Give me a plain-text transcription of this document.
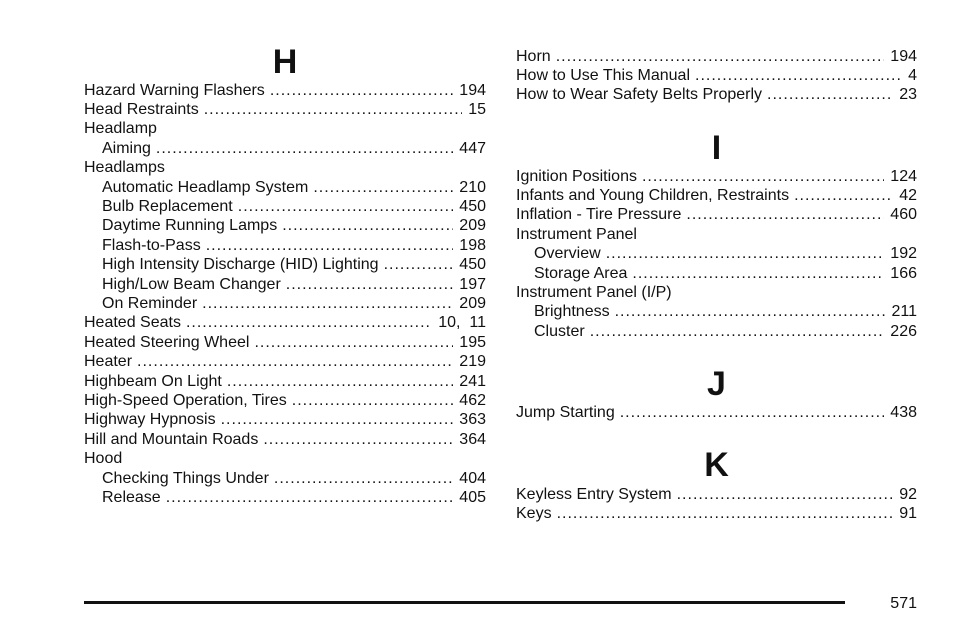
H
Hazard Warning Flashers .....	194
Head Restraints .....	15
Headlamp
Aiming .....	447
Headlamps
Automatic Headlamp System .....	210
Bulb Replacement .....	450
Daytime Running Lamps .....	209
Flash-to-Pass .....	198
High Intensity Discharge (HID) Lighting .....	450
High/Low Beam Changer .....	197
On Reminder .....	209
Heated Seats .....	10,  11
Heated Steering Wheel .....	195
Heater .....	219
Highbeam On Light .....	241
High-Speed Operation, Tires .....	462
Highway Hypnosis .....	363
Hill and Mountain Roads .....	364
Hood
Checking Things Under .....	404
Release .....	405
Horn .....	194
How to Use This Manual .....	4
How to Wear Safety Belts Properly .....	23
I
Ignition Positions .....	124
Infants and Young Children, Restraints .....	42
Inflation - Tire Pressure .....	460
Instrument Panel
Overview .....	192
Storage Area .....	166
Instrument Panel (I/P)
Brightness .....	211
Cluster .....	226
J
Jump Starting .....	438
K
Keyless Entry System .....	92
Keys .....	91
571
